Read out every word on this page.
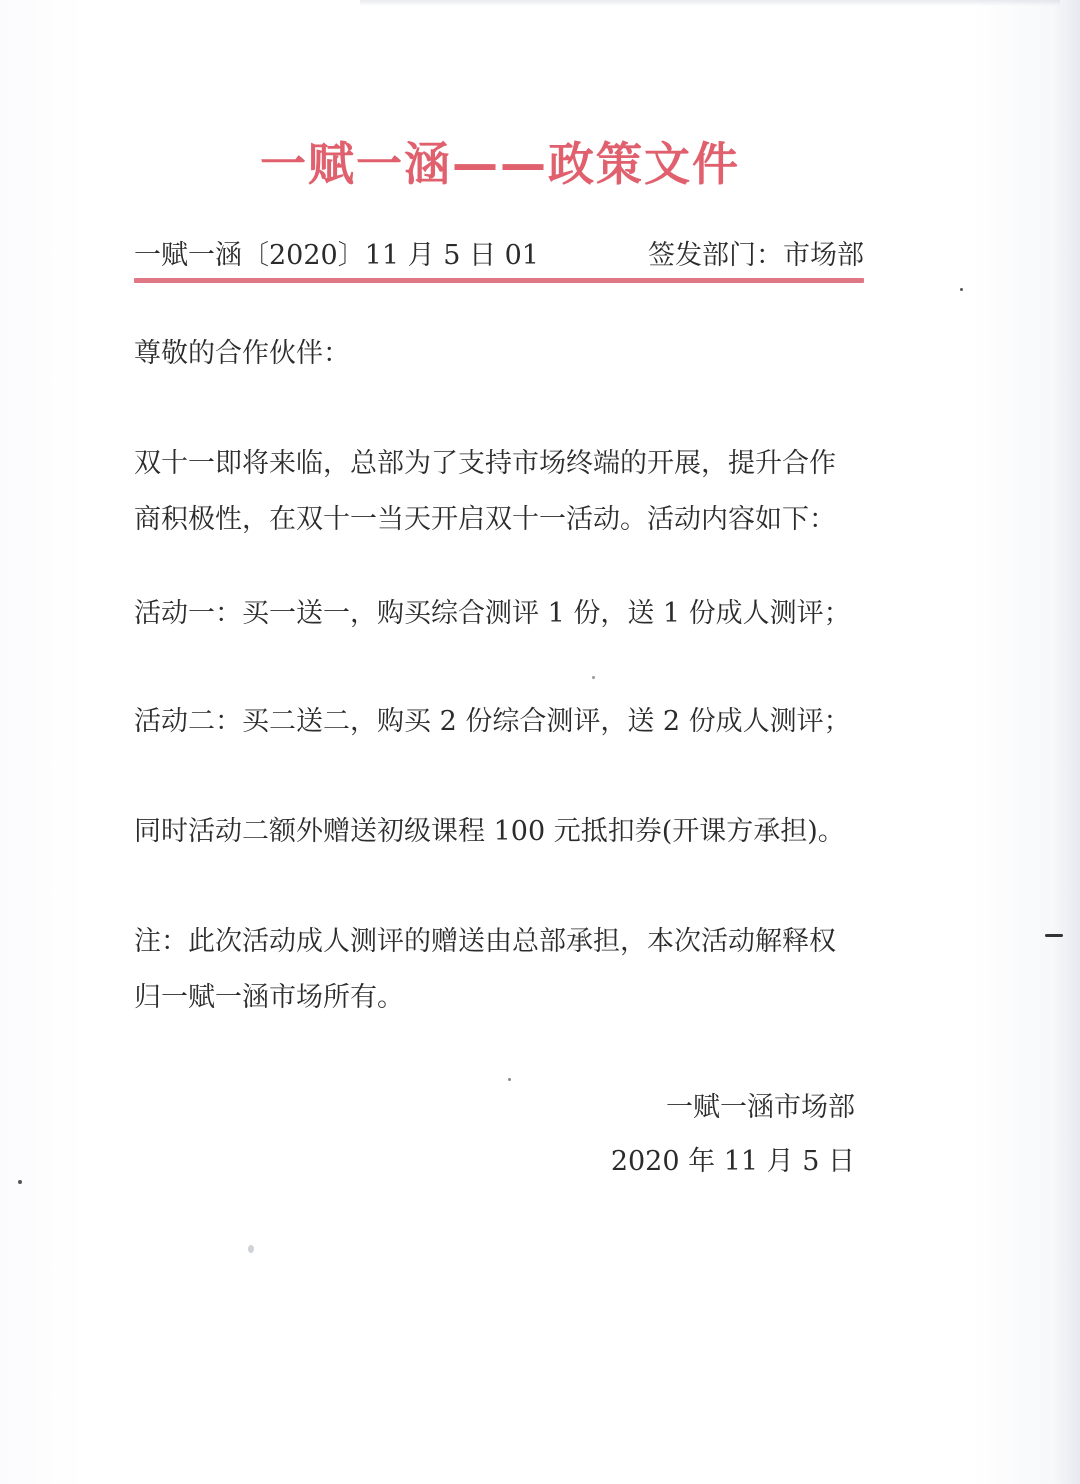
一赋一涵——政策文件
一赋一涵〔2020〕11 月 5 日 01	签发部门：市场部
尊敬的合作伙伴：
双十一即将来临，总部为了支持市场终端的开展，提升合作
商积极性，在双十一当天开启双十一活动。活动内容如下：
活动一：买一送一，购买综合测评 1 份，送 1 份成人测评；
活动二：买二送二，购买 2 份综合测评，送 2 份成人测评；
同时活动二额外赠送初级课程 100 元抵扣券(开课方承担)。
注：此次活动成人测评的赠送由总部承担，本次活动解释权
归一赋一涵市场所有。
一赋一涵市场部
2020 年 11 月 5 日
